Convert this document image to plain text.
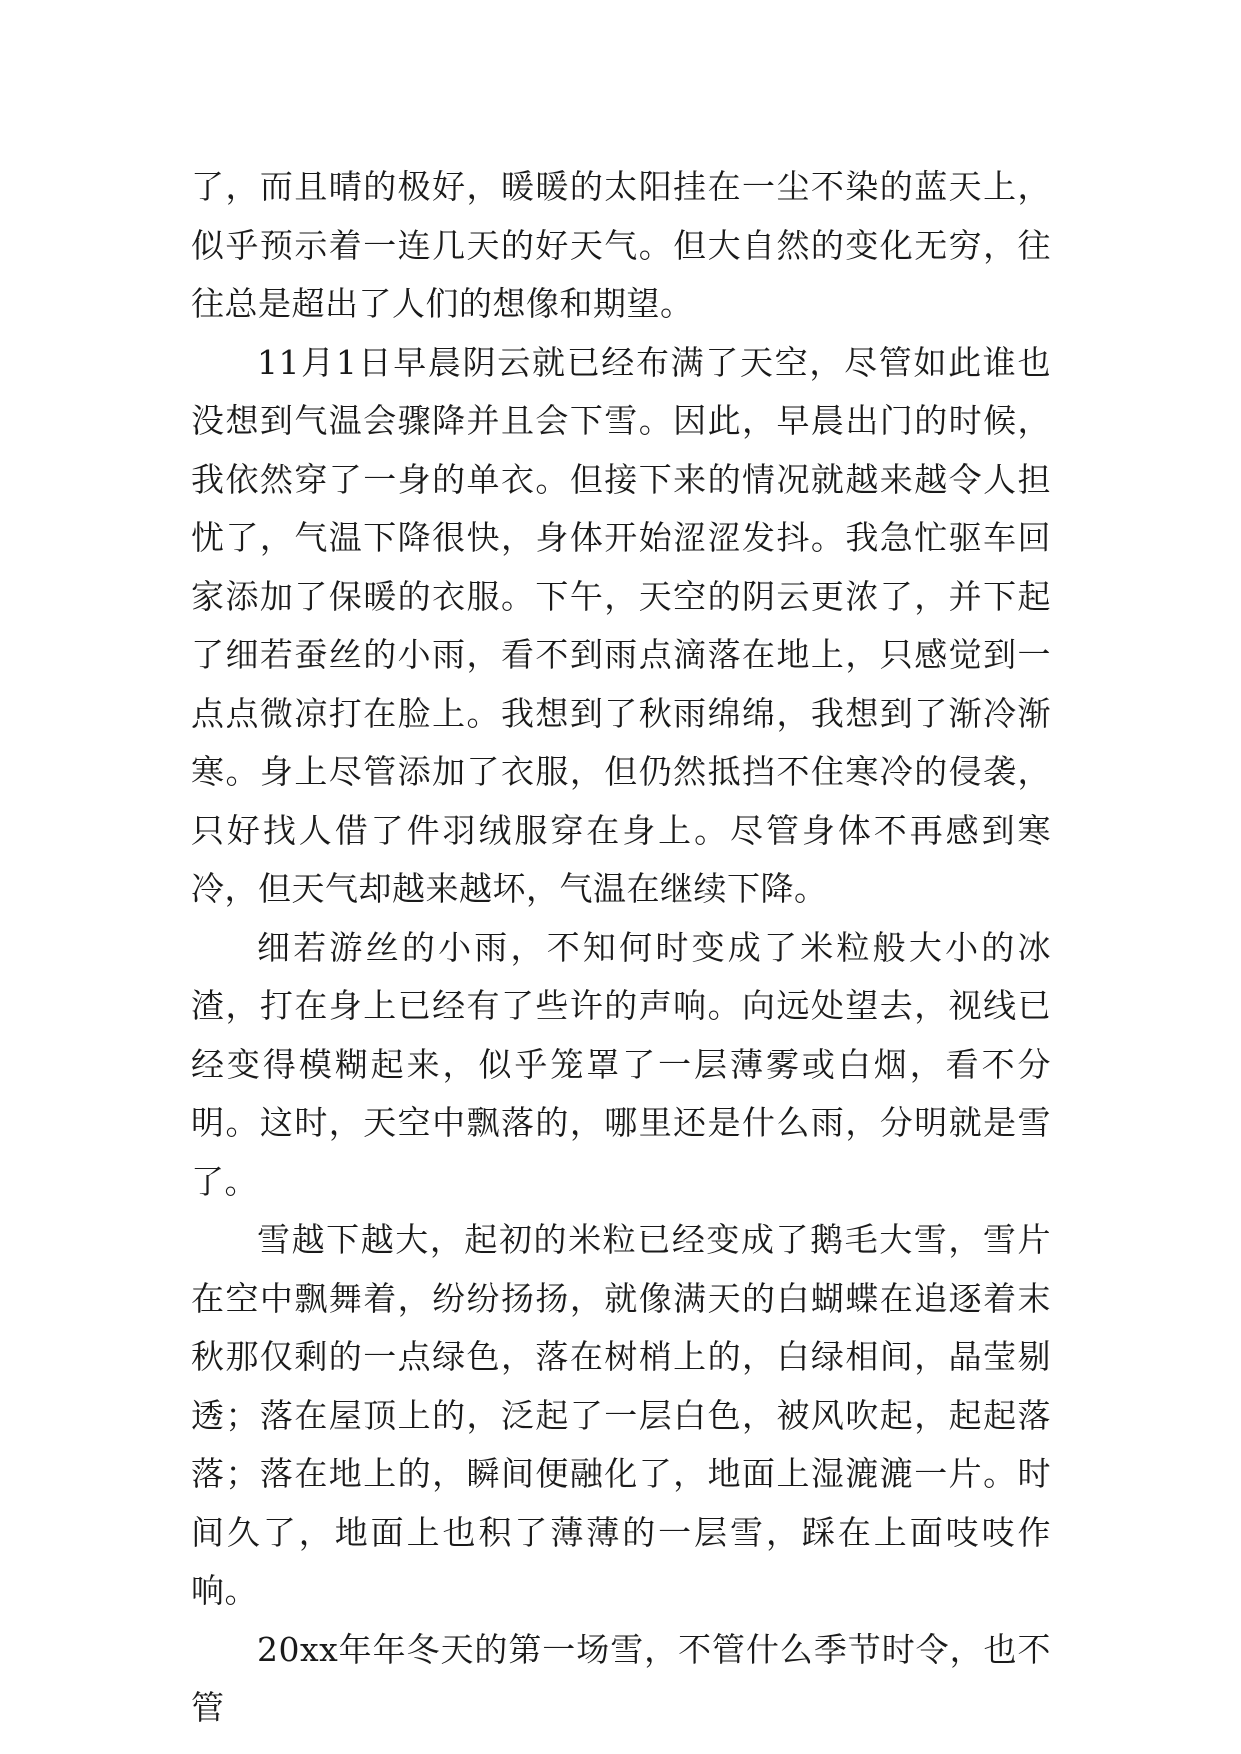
了，而且晴的极好，暖暖的太阳挂在一尘不染的蓝天上，似乎预示着一连几天的好天气。但大自然的变化无穷，往往总是超出了人们的想像和期望。

11月1日早晨阴云就已经布满了天空，尽管如此谁也没想到气温会骤降并且会下雪。因此，早晨出门的时候，我依然穿了一身的单衣。但接下来的情况就越来越令人担忧了，气温下降很快，身体开始涩涩发抖。我急忙驱车回家添加了保暖的衣服。下午，天空的阴云更浓了，并下起了细若蚕丝的小雨，看不到雨点滴落在地上，只感觉到一点点微凉打在脸上。我想到了秋雨绵绵，我想到了渐冷渐寒。身上尽管添加了衣服，但仍然抵挡不住寒冷的侵袭，只好找人借了件羽绒服穿在身上。尽管身体不再感到寒冷，但天气却越来越坏，气温在继续下降。

细若游丝的小雨，不知何时变成了米粒般大小的冰渣，打在身上已经有了些许的声响。向远处望去，视线已经变得模糊起来，似乎笼罩了一层薄雾或白烟，看不分明。这时，天空中飘落的，哪里还是什么雨，分明就是雪了。

雪越下越大，起初的米粒已经变成了鹅毛大雪，雪片在空中飘舞着，纷纷扬扬，就像满天的白蝴蝶在追逐着末秋那仅剩的一点绿色，落在树梢上的，白绿相间，晶莹剔透；落在屋顶上的，泛起了一层白色，被风吹起，起起落落；落在地上的，瞬间便融化了，地面上湿漉漉一片。时间久了，地面上也积了薄薄的一层雪，踩在上面吱吱作响。

20xx年年冬天的第一场雪，不管什么季节时令，也不管
